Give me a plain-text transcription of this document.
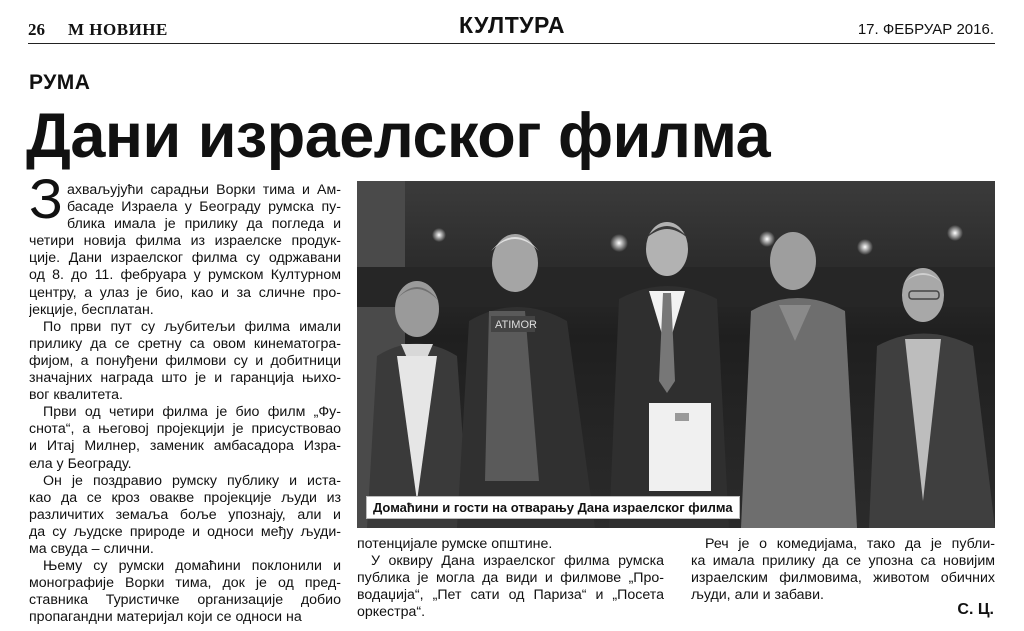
26 М НОВИНЕ	КУЛТУРА	17. ФЕБРУАР 2016.
РУМА
Дани израелског филма
З ахваљујући сарадњи Ворки тима и Ам-
басаде Израела у Београду румска пу-
блика имала је прилику да погледа и
четири новија филма из израелске продук-
ције. Дани израелског филма су одржавани
од 8. до 11. фебруара у румском Културном
центру, а улаз је био, као и за сличне про-
јекције, бесплатан.
По први пут су љубитељи филма имали
прилику да се сретну са овом кинематогра-
фијом, а понуђени филмови су и добитници
значајних награда што је и гаранција њихо-
вог квалитета.
Први од четири филма је био филм „Фу-
снота“, а његовој пројекцији је присуствовао
и Итај Милнер, заменик амбасадора Изра-
ела у Београду.
Он је поздравио румску публику и иста-
као да се кроз овакве пројекције људи из
различитих земаља боље упознају, али и
да су људске природе и односи међу људи-
ма свуда – слични.
Њему су румски домаћини поклонили и
монографије Ворки тима, док је од пред-
ставника Туристичке организације добио
пропагандни материјал који се односи на
ATIMOR
Домаћини и гости на отварању Дана израелског филма
потенцијале румске општине.
У оквиру Дана израелског филма румска
публика је могла да види и филмове „Про-
водаџија“, „Пет сати од Париза“ и „Посета
оркестра“.
Реч је о комедијама, тако да је публи-
ка имала прилику да се упозна са новијим
израелским филмовима, животом обичних
људи, али и забави.
С. Ц.
